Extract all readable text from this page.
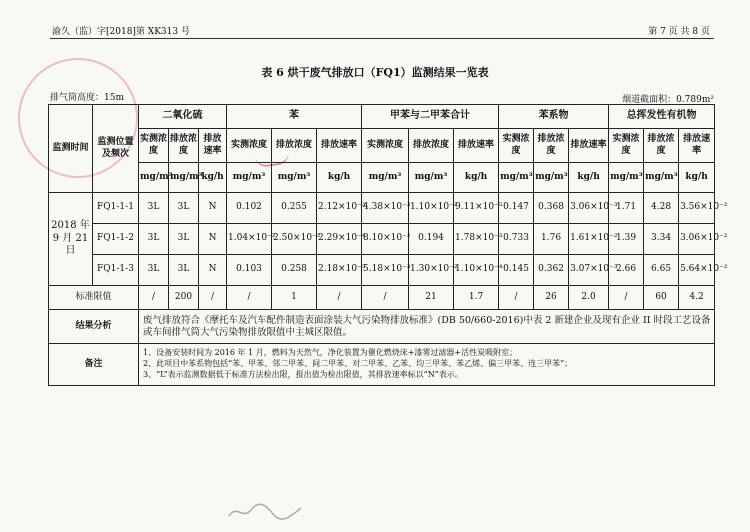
渝久（监）字[2018]第 XK313 号	第 7 页 共 8 页
表 6 烘干废气排放口（FQ1）监测结果一览表
排气筒高度：15m	烟道截面积：0.789m²
监测时间	监测位置及频次	二氧化硫			苯			甲苯与二甲苯合计			苯系物			总挥发性有机物		
		实测浓度	排放浓度	排放速率	实测浓度	排放浓度	排放速率	实测浓度	排放浓度	排放速率	实测浓度	排放浓度	排放速率	实测浓度	排放浓度	排放速率
		mg/m³	mg/m³	kg/h	mg/m³	mg/m³	kg/h	mg/m³	mg/m³	kg/h	mg/m³	mg/m³	kg/h	mg/m³	mg/m³	kg/h
2018 年 9 月 21 日	FQ1-1-1	3L	3L	N	0.102	0.255	2.12×10⁻³	4.38×10⁻³	1.10×10⁻²	9.11×10⁻⁵	0.147	0.368	3.06×10⁻³	1.71	4.28	3.56×10⁻²
	FQ1-1-2	3L	3L	N	1.04×10⁻²	2.50×10⁻²	2.29×10⁻⁴	8.10×10⁻²	0.194	1.78×10⁻³	0.733	1.76	1.61×10⁻²	1.39	3.34	3.06×10⁻²
	FQ1-1-3	3L	3L	N	0.103	0.258	2.18×10⁻³	5.18×10⁻³	1.30×10⁻²	1.10×10⁻⁴	0.145	0.362	3.07×10⁻³	2.66	6.65	5.64×10⁻²
标准限值		/	200	/	/	1	/	/	21	1.7	/	26	2.0	/	60	4.2
结果分析		废气排放符合《摩托车及汽车配件制造表面涂装大气污染物排放标准》(DB 50/660-2016)中表 2 新建企业及现有企业 II 时段工艺设备或车间排气筒大气污染物排放限值中主城区限值。														
备注		1、设备安装时间为 2016 年 1 月，燃料为天然气，净化装置为催化燃烧床+漆雾过滤器+活性炭吸附室；
2、此项目中苯系物包括“苯、甲苯、邻二甲苯、间二甲苯、对二甲苯、乙苯、均三甲苯、苯乙烯、偏三甲苯、连三甲苯”；
3、“L”表示监测数据低于标准方法检出限，报出值为检出限值，其排放速率标以“N”表示。														
